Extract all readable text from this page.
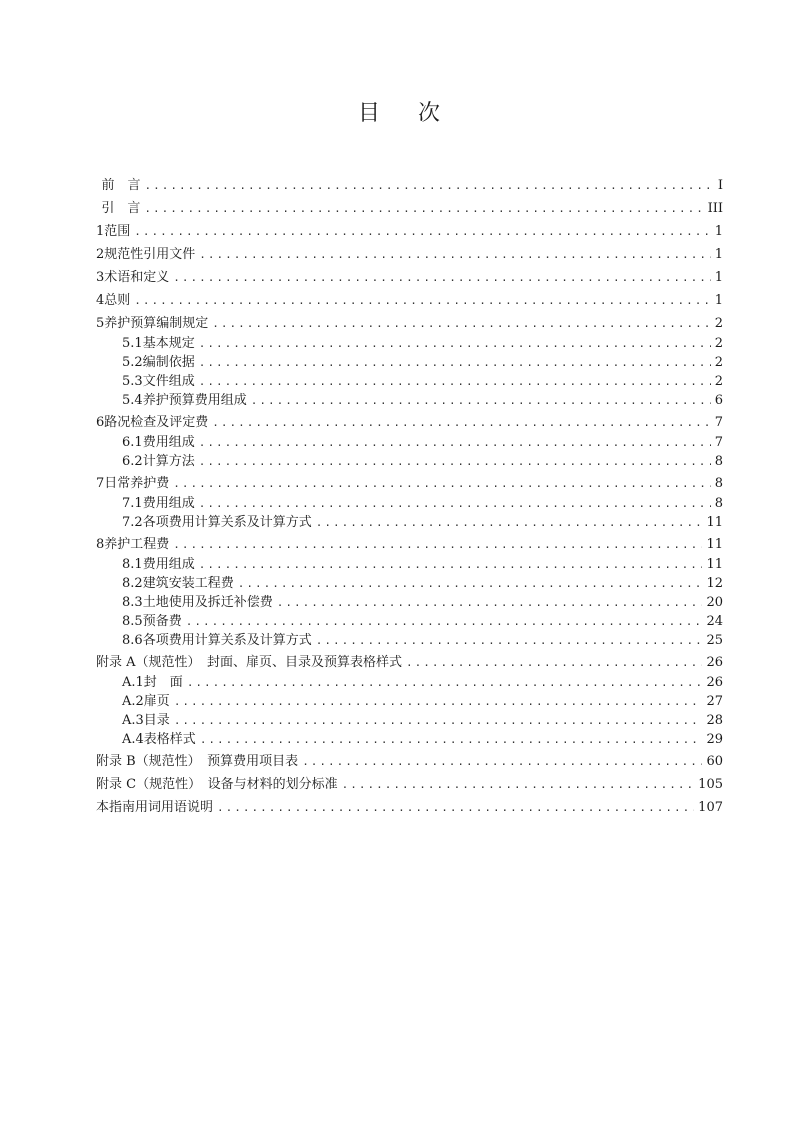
目 次
前　言 .....	I
引　言 .....	III
1 范围 .....	1
2 规范性引用文件 .....	1
3 术语和定义 .....	1
4 总则 .....	1
5 养护预算编制规定 .....	2
5.1 基本规定 .....	2
5.2 编制依据 .....	2
5.3 文件组成 .....	2
5.4 养护预算费用组成 .....	6
6 路况检查及评定费 .....	7
6.1 费用组成 .....	7
6.2 计算方法 .....	8
7 日常养护费 .....	8
7.1 费用组成 .....	8
7.2 各项费用计算关系及计算方式 .....	11
8 养护工程费 .....	11
8.1 费用组成 .....	11
8.2 建筑安装工程费 .....	12
8.3 土地使用及拆迁补偿费 .....	20
8.5 预备费 .....	24
8.6 各项费用计算关系及计算方式 .....	25
附录 A（规范性）　封面、扉页、目录及预算表格样式 .....	26
A.1 封　面 .....	26
A.2 扉页 .....	27
A.3 目录 .....	28
A.4 表格样式 .....	29
附录 B（规范性）　预算费用项目表 .....	60
附录 C（规范性）　设备与材料的划分标准 .....	105
本指南用词用语说明 .....	107
